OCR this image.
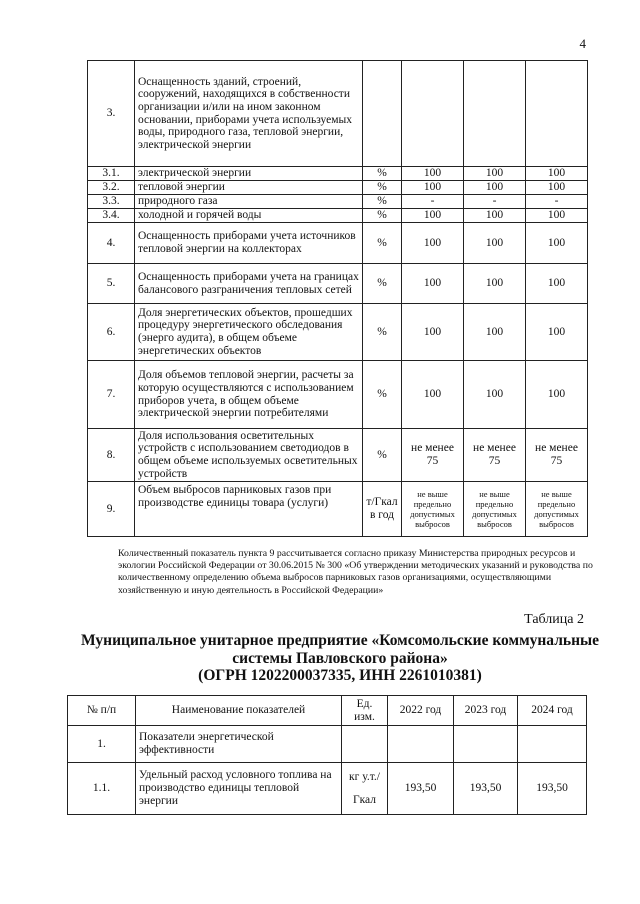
4
3.	Оснащенность зданий, строений, сооружений, находящихся в собственности организации и/или на ином законном основании, приборами учета используемых воды, природного газа, тепловой энергии, электрической энергии				
3.1.	электрической энергии	%	100	100	100
3.2.	тепловой энергии	%	100	100	100
3.3.	природного газа	%	-	-	-
3.4.	холодной и горячей воды	%	100	100	100
4.	Оснащенность приборами учета источников тепловой энергии на коллекторах	%	100	100	100
5.	Оснащенность приборами учета на границах балансового разграничения тепловых сетей	%	100	100	100
6.	Доля энергетических объектов, прошедших процедуру энергетического обследования (энерго аудита), в общем объеме энергетических объектов	%	100	100	100
7.	Доля объемов тепловой энергии, расчеты за которую осуществляются с использованием приборов учета, в общем объеме электрической энергии потребителями	%	100	100	100
8.	Доля использования осветительных устройств с использованием светодиодов в общем объеме используемых осветительных устройств	%	не менее 75	не менее 75	не менее 75
9.	Объем выбросов парниковых газов при производстве единицы товара (услуги)	т/Гкал в год	не выше предельно допустимых выбросов	не выше предельно допустимых выбросов	не выше предельно допустимых выбросов
Количественный показатель пункта 9 рассчитывается согласно приказу Министерства природных ресурсов и экологии Российской Федерации от 30.06.2015 № 300 «Об утверждении методических указаний и руководства по количественному определению объема выбросов парниковых газов организациями, осуществляющими хозяйственную и иную деятельность в Российской Федерации»
Таблица 2
Муниципальное унитарное предприятие «Комсомольские коммунальные
системы Павловского района»
(ОГРН 1202200037335, ИНН 2261010381)
№ п/п	Наименование показателей	Ед. изм.	2022 год	2023 год	2024 год
1.	Показатели энергетической эффективности				
1.1.	Удельный расход условного топлива на производство единицы тепловой энергии	кг у.т./
Гкал	193,50	193,50	193,50
